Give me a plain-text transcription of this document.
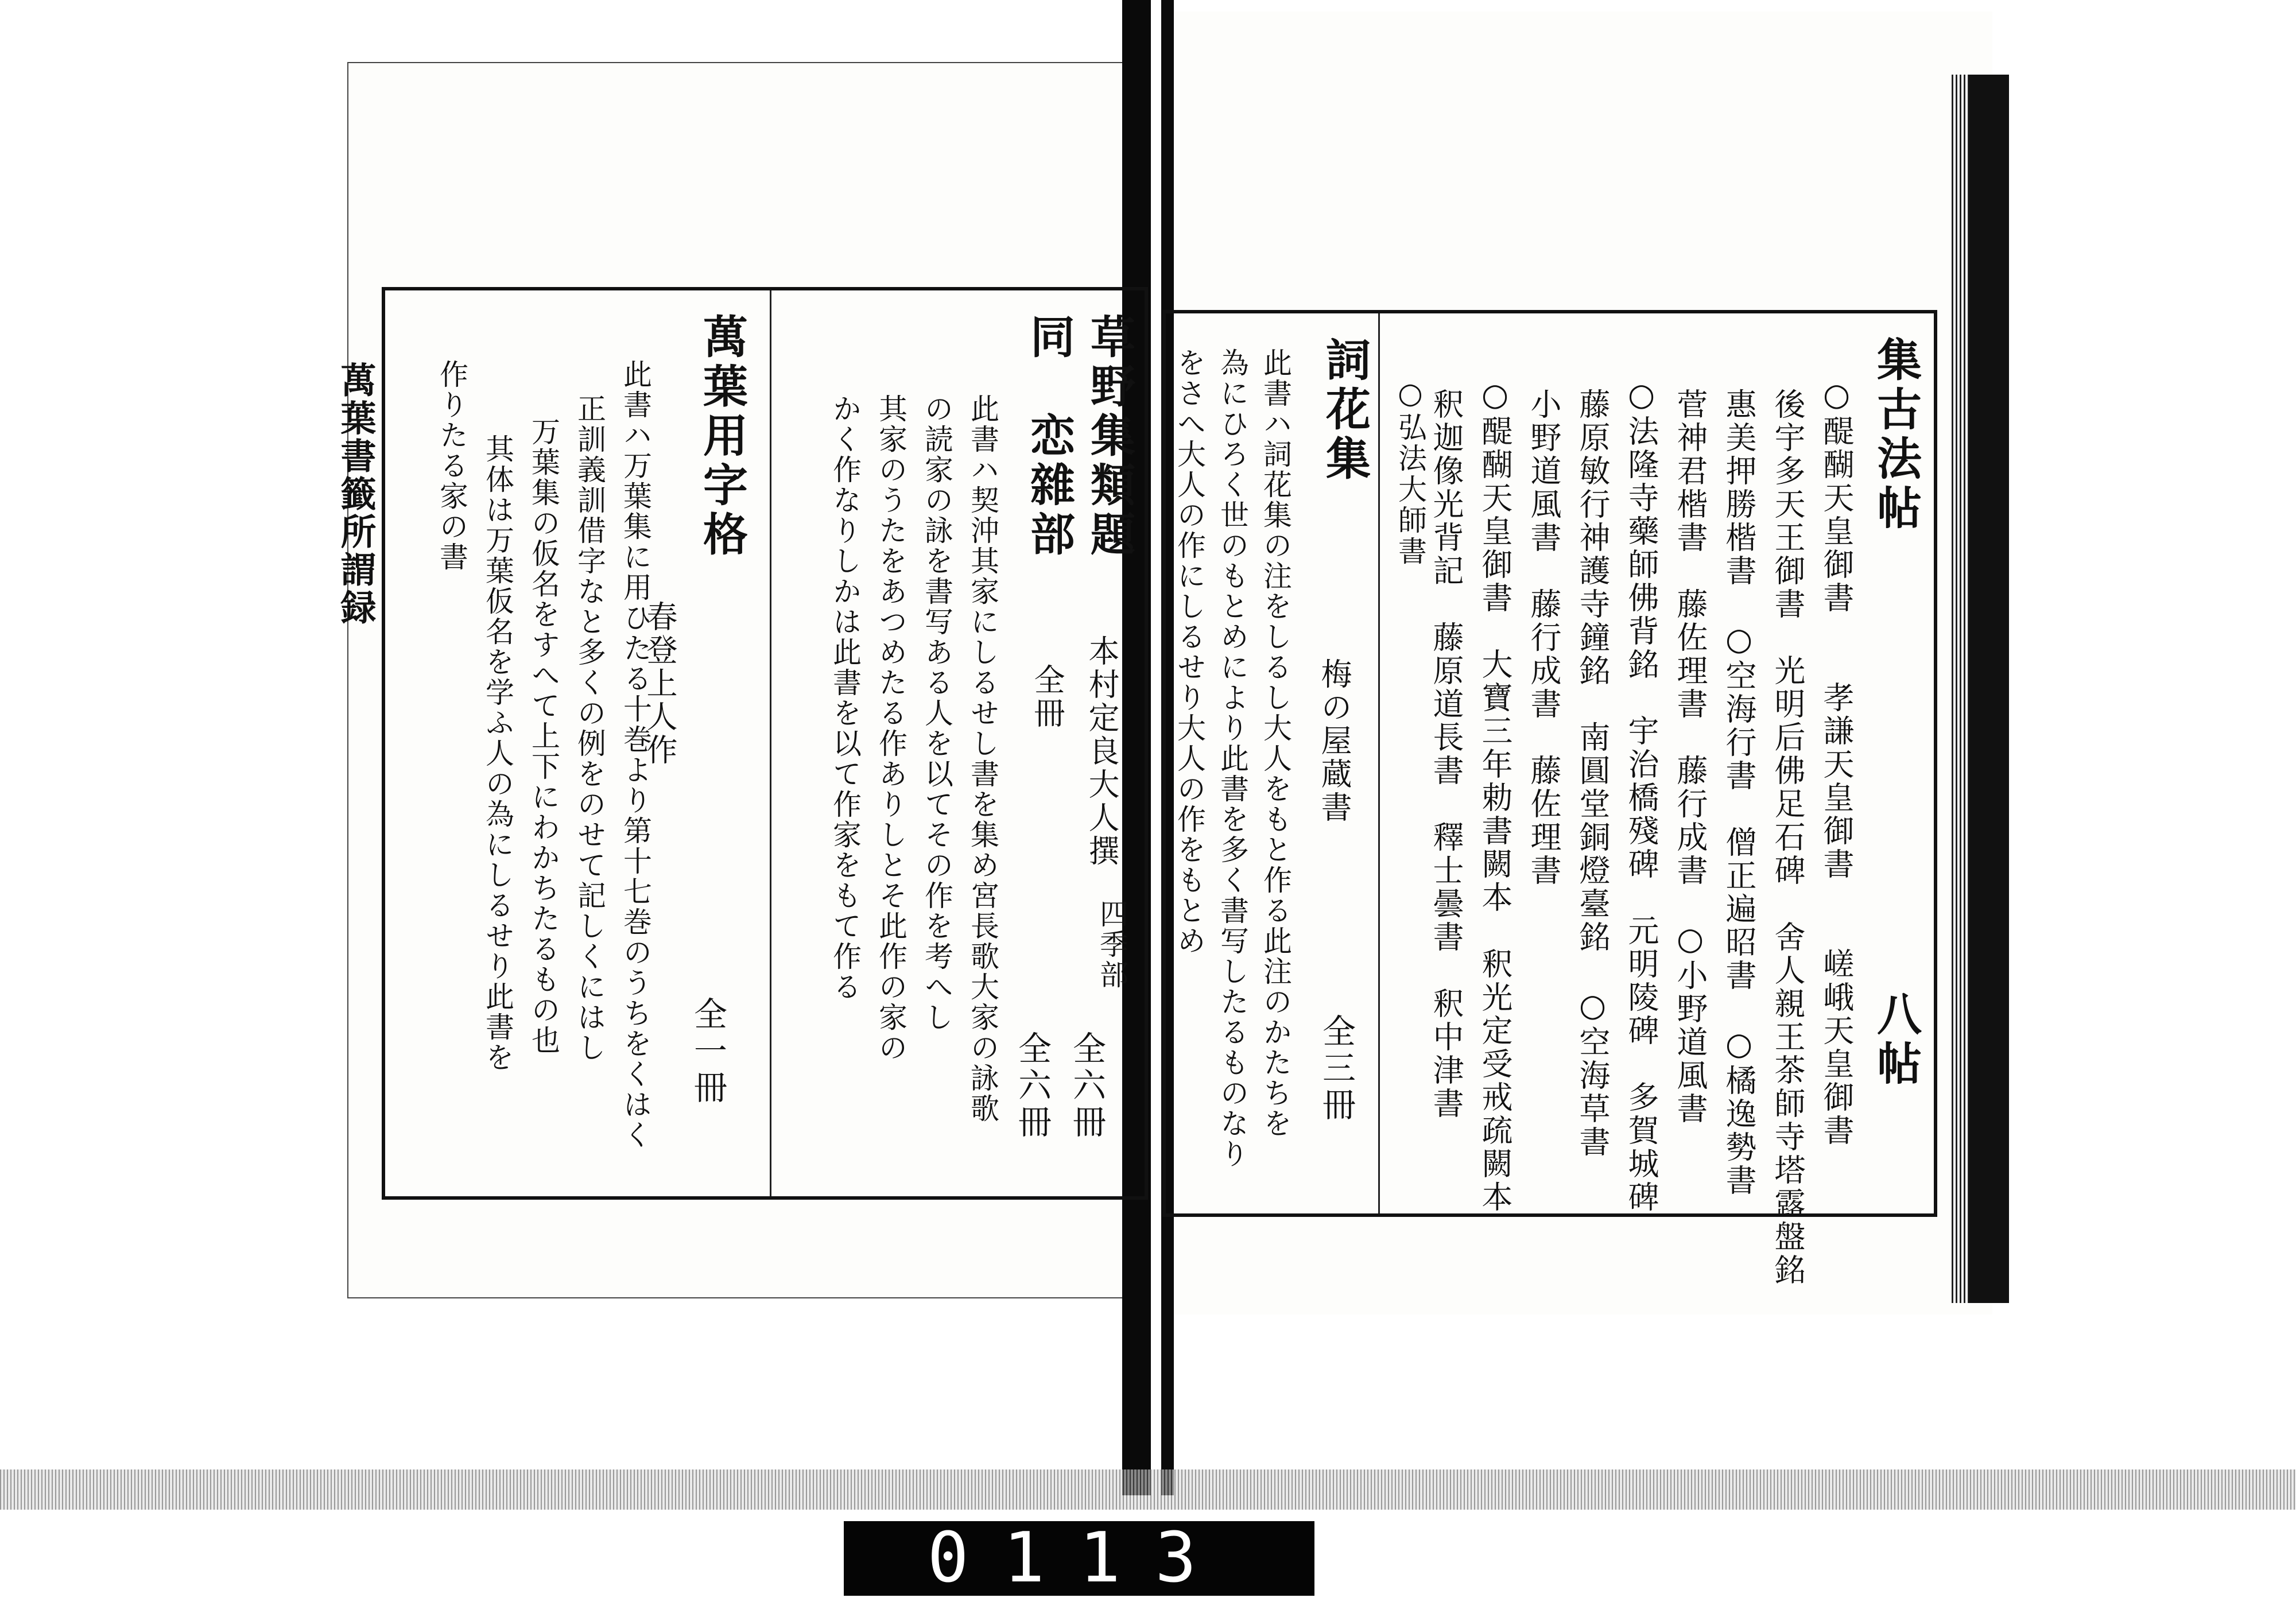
萬葉書籤所謂録	草野集類題
同　恋雜部
本村定良大人撰
四季部
全冊
全六冊
全六冊
此書ハ契沖其家にしるせし書を集め宮長歌大家の詠歌
の読家の詠を書写ある人を以てその作を考へし
其家のうたをあつめたる作ありしとそ此作の家の
かく作なりしかは此書を以て作家をもて作る
萬葉用字格
春登上人作
全一冊
此書ハ万葉集に用ひたる十巻より第十七巻のうちをくはく
正訓義訓借字なと多くの例をのせて記しくにはし
万葉集の仮名をすへて上下にわかちたるもの也
其体は万葉仮名を学ふ人の為にしるせり此書を
作りたる家の書	集古法帖
八帖
○醍醐天皇御書　　孝謙天皇御書　　嵯峨天皇御書
後宇多天王御書　光明后佛足石碑　舍人親王茶師寺塔露盤銘
惠美押勝楷書　○空海行書　僧正遍昭書　○橘逸勢書
菅神君楷書　藤佐理書　藤行成書　○小野道風書
○法隆寺藥師佛背銘　宇治橋殘碑　元明陵碑　多賀城碑
藤原敏行神護寺鐘銘　南圓堂銅燈臺銘　○空海草書
小野道風書　藤行成書　藤佐理書
○醍醐天皇御書　大寶三年勅書闕本　釈光定受戒疏闕本
釈迦像光背記　藤原道長書　釋士曇書　釈中津書
○弘法大師書
詞花集
梅の屋蔵書
全三冊
此書ハ詞花集の注をしるし大人をもと作る此注のかたちを
為にひろく世のもとめにより此書を多く書写したるものなり
をさへ大人の作にしるせり大人の作をもとめ
0113
